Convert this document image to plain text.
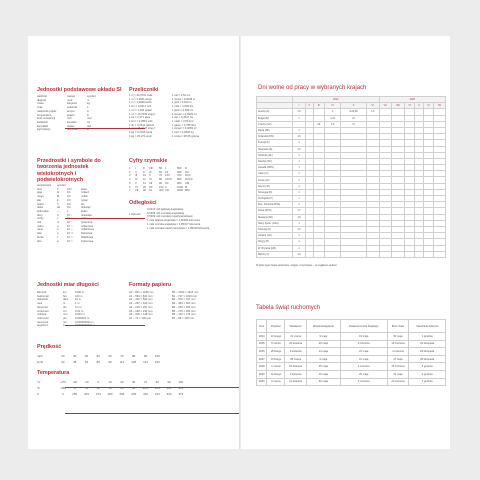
Jednostki podstawowe układu SI
wielkość	nazwa	symbol
długość	metr	m
masa	kilogram	kg
czas	sekunda	s
natężenie prądu	amper	A
temperatura	kelwin	K
ilość substancji	mol	mol
światłość	kandela	cd
kąt płaski	radian	rad
kąt bryłowy	steradian	sr
Przeliczniki
1 m = 39,3701 cala
1 m = 3,2811 stopy
1 m = 1,0936 jarda
1 km = 0,6217 mili
1 m² = 1,196 jarda²
1 m² = 10,7639 stopy²
1 ha = 2,471 akra
1 km² = 0,3861 mili²
1 litr = 0,2642 galona
1 m³ = 35,3147 stopy³
1 kg = 2,2046 funta
1 kg = 35,274 uncji
1 cal = 2,54 cm
1 stopa = 0,3048 m
1 jard = 0,914 m
1 mila = 1,609 km
1 jard² = 0,836 m²
1 stopa² = 0,0929 m²
1 akr = 0,4047 ha
1 mila² = 2,59 km²
1 galon = 3,785 litra
1 stopa³ = 0,0283 m³
1 funt = 0,4536 kg
1 uncja = 28,35 grama
Przedrostki i symbole do tworzenia jednostek wielokrotnych i podwielokrotnych
przedrostek	symbol
tera	T	10¹²	bilion
giga	G	10⁹	miliard
mega	M	10⁶	milion
kilo	k	10³	tysiąc
hekto	h	10²	sto
deka	da	10¹	dziesięć
jednostka	—	1	jeden
decy	d	10⁻¹	dziesiąta
centy	c	10⁻²	setna
mili	m	10⁻³	tysięczna
mikro	μ	10⁻⁶	milionowa
nano	n	10⁻⁹	miliardowa
piko	p	10⁻¹²	bilionowa
femto	f	10⁻¹⁵	biliardowa
atto	a	10⁻¹⁸	trylionowa
Cyfry rzymskie
1	I	8	VIII	50	L	500	D
2	II	9	IX	60	LX	600	DC
3	III	10	X	70	LXX	700	DCC
4	IV	11	XI	80	LXXX	800	DCCC
5	V	12	XII	90	XC	900	CM
6	VI	20	XX	100 C	1000 M
7	VII	40	XL	400 CD	2000 MM
Odległości
1 kilometr
0,6213 mili lądowej angielskiej
0,5396 mili morskiej angielskiej
0,5399 mili morskiej międzynarodowej
1 mila lądowa angielska = 1,60934 kilometra
1 mila morska angielska = 1,85317 kilometra
1 mila morska międzynarodowa = 1,85318 kilometra
Jednostki miar długości
kilometr	km	1000 m
hektometr	hm	100 m
dekametr	dam	10 m
metr	m	1 m
decymetr	dm	0,1 m
centymetr	cm	0,01 m
milimetr	mm	0,001 m
mikrometr	μm	0,000001 m
nanometr	nm	0,000000001 m
angstrem	Å	0,0000000001 m
Formaty papieru
A0 – 841 × 1189 mm
A1 – 594 × 841 mm
A2 – 420 × 594 mm
A3 – 297 × 420 mm
A4 – 210 × 297 mm
A5 – 148 × 210 mm
A6 – 105 × 148 mm
A7 – 74 × 105 mm
B0 – 1000 × 1414 mm
B1 – 707 × 1000 mm
B2 – 500 × 707 mm
B3 – 353 × 500 mm
B4 – 250 × 353 mm
B5 – 176 × 250 mm
B6 – 125 × 176 mm
B7 – 88 × 125 mm
Prędkość
mph	20	30	40	50	60	70	80	90	100
km/h	32	48	64	80	96	112	128	144	160
Temperatura
°C	-273	-18	-10	0	10	20	30	37	40	50	100
°F	-459	0	14	32	50	68	86	98,6	104	122	212
K	0	255	263	273	283	293	303	310	313	323	373
Dni wolne od pracy w wybranych krajach
	2024						2025					
	I	II	III	IV	V	VI	VII	VIII	IX	X	XI	XII
Austria (A)	1,6			1	9,20,28	1,6						
Belgia (B)	1			1,21	21							
Czechy (CZ)			29	1,8	17							
Dania (DK)	1											
Finlandia (FIN)	1,6											
Francja (F)	1											
Hiszpania (E)	1,6											
Holandia (NL)	1											
Irlandia (IRL)	1											
Kanada (CDN)	1											
Litwa (LT)	1											
Łotwa (LV)	1											
Niemcy (D)	1											
Norwegia (N)	1											
Portugalia (P)	1											
Rep. Południa (RSA)	1											
Rosja (RUS)	1,7											
Słowacja (SK)	1,6											
Stany Zjedn. (USA)	1											
Szwecja (S)	1,6											
Ukraina (UA)	1											
Węgry (H)	1											
W. Brytania (GB)	1											
Włochy (I)	1,6											
W tabeli ujęto święta państwowe, religijne i zwyczajowe – za wyjątkiem niedziel.
Tabela świąt ruchomych
Rok	Popielec	Wielkanoc	Wniebowstąpienie	Zesłanie Ducha Świętego	Boże Ciało	I Niedziela Adwentu
2024	14 lutego	31 marca	9 maja	19 maja	30 maja	1 grudnia
2025	5 marca	20 kwietnia	29 maja	8 czerwca	19 czerwca	30 listopada
2026	18 lutego	5 kwietnia	14 maja	24 maja	4 czerwca	29 listopada
2027	10 lutego	28 marca	6 maja	16 maja	27 maja	28 listopada
2028	1 marca	16 kwietnia	25 maja	4 czerwca	15 czerwca	3 grudnia
2029	14 lutego	1 kwietnia	10 maja	20 maja	31 maja	2 grudnia
2030	6 marca	21 kwietnia	30 maja	9 czerwca	20 czerwca	1 grudnia
